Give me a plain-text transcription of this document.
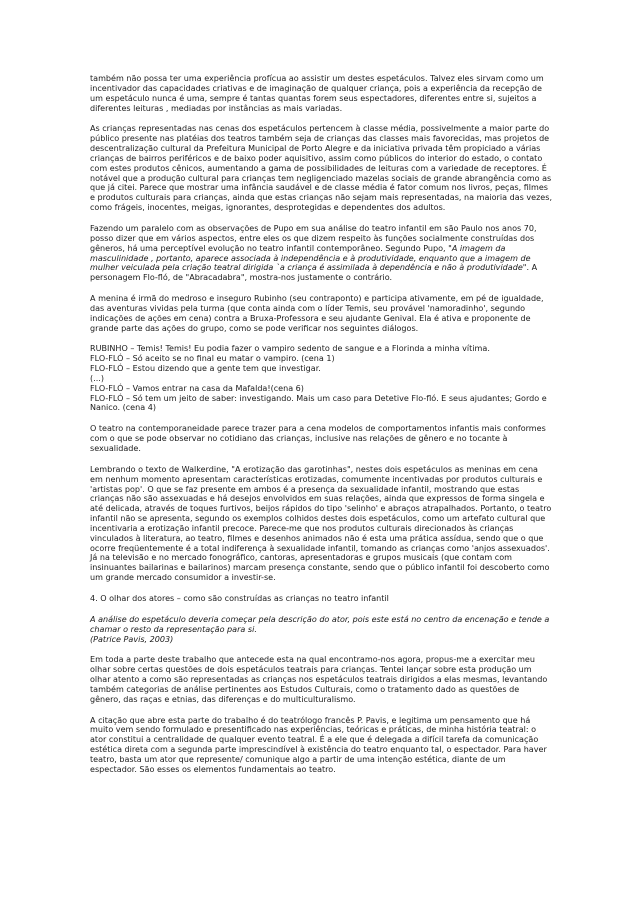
também não possa ter uma experiência profícua ao assistir um destes espetáculos. Talvez eles sirvam como um incentivador das capacidades criativas e de imaginação de qualquer criança, pois a experiência da recepção de um espetáculo nunca é uma, sempre é tantas quantas forem seus espectadores, diferentes entre si, sujeitos a diferentes leituras , mediadas por instâncias as mais variadas.

As crianças representadas nas cenas dos espetáculos pertencem à classe média, possivelmente a maior parte do público presente nas platéias dos teatros também seja de crianças das classes mais favorecidas, mas projetos de descentralização cultural da Prefeitura Municipal de Porto Alegre e da iniciativa privada têm propiciado a várias crianças de bairros periféricos e de baixo poder aquisitivo, assim como públicos do interior do estado, o contato com estes produtos cênicos, aumentando a gama de possibilidades de leituras com a variedade de receptores. É notável que a produção cultural para crianças tem negligenciado mazelas sociais de grande abrangência como as que já citei. Parece que mostrar uma infância saudável e de classe média é fator comum nos livros, peças, filmes e produtos culturais para crianças, ainda que estas crianças não sejam mais representadas, na maioria das vezes, como frágeis, inocentes, meigas, ignorantes, desprotegidas e dependentes dos adultos.

Fazendo um paralelo com as observações de Pupo em sua análise do teatro infantil em são Paulo nos anos 70, posso dizer que em vários aspectos, entre eles os que dizem respeito às funções socialmente construídas dos gêneros, há uma perceptível evolução no teatro infantil contemporâneo. Segundo Pupo, "A imagem da masculinidade , portanto, aparece associada à independência e à produtividade, enquanto que a imagem de mulher veiculada pela criação teatral dirigida `a criança é assimilada à dependência e não à produtividade". A personagem Flo-fló, de "Abracadabra", mostra-nos justamente o contrário.

A menina é irmã do medroso e inseguro Rubinho (seu contraponto) e participa ativamente, em pé de igualdade, das aventuras vividas pela turma (que conta ainda com o líder Temis, seu provável 'namoradinho', segundo indicações de ações em cena) contra a Bruxa-Professora e seu ajudante Genival. Ela é ativa e proponente de grande parte das ações do grupo, como se pode verificar nos seguintes diálogos.

RUBINHO – Temis! Temis! Eu podia fazer o vampiro sedento de sangue e a Florinda a minha vítima.
FLO-FLÓ – Só aceito se no final eu matar o vampiro. (cena 1)
FLO-FLÓ – Estou dizendo que a gente tem que investigar.
(...)
FLO-FLÓ – Vamos entrar na casa da Mafalda!(cena 6)
FLO-FLÓ – Só tem um jeito de saber: investigando. Mais um caso para Detetive Flo-fló. E seus ajudantes; Gordo e Nanico. (cena 4)

O teatro na contemporaneidade parece trazer para a cena modelos de comportamentos infantis mais conformes com o que se pode observar no cotidiano das crianças, inclusive nas relações de gênero e no tocante à sexualidade.

Lembrando o texto de Walkerdine, "A erotização das garotinhas", nestes dois espetáculos as meninas em cena em nenhum momento apresentam características erotizadas, comumente incentivadas por produtos culturais e 'artistas pop'. O que se faz presente em ambos é a presença da sexualidade infantil, mostrando que estas crianças não são assexuadas e há desejos envolvidos em suas relações, ainda que expressos de forma singela e até delicada, através de toques furtivos, beijos rápidos do tipo 'selinho' e abraços atrapalhados. Portanto, o teatro infantil não se apresenta, segundo os exemplos colhidos destes dois espetáculos, como um artefato cultural que incentivaria a erotização infantil precoce. Parece-me que nos produtos culturais direcionados às crianças vinculados à literatura, ao teatro, filmes e desenhos animados não é esta uma prática assídua, sendo que o que ocorre freqüentemente é a total indiferença à sexualidade infantil, tomando as crianças como 'anjos assexuados'. Já na televisão e no mercado fonográfico, cantoras, apresentadoras e grupos musicais (que contam com insinuantes bailarinas e bailarinos) marcam presença constante, sendo que o público infantil foi descoberto como um grande mercado consumidor a investir-se.

4. O olhar dos atores – como são construídas as crianças no teatro infantil

A análise do espetáculo deveria começar pela descrição do ator, pois este está no centro da encenação e tende a chamar o resto da representação para si.

(Patrice Pavis, 2003)

Em toda a parte deste trabalho que antecede esta na qual encontramo-nos agora, propus-me a exercitar meu olhar sobre certas questões de dois espetáculos teatrais para crianças. Tentei lançar sobre esta produção um olhar atento a como são representadas as crianças nos espetáculos teatrais dirigidos a elas mesmas, levantando também categorias de análise pertinentes aos Estudos Culturais, como o tratamento dado as questões de gênero, das raças e etnias, das diferenças e do multiculturalismo.

A citação que abre esta parte do trabalho é do teatrólogo francês P. Pavis, e legitima um pensamento que há muito vem sendo formulado e presentificado nas experiências, teóricas e práticas, de minha história teatral: o ator constitui a centralidade de qualquer evento teatral. É a ele que é delegada a difícil tarefa da comunicação estética direta com a segunda parte imprescindível à existência do teatro enquanto tal, o espectador. Para haver teatro, basta um ator que represente/ comunique algo a partir de uma intenção estética, diante de um espectador. São esses os elementos fundamentais ao teatro.
